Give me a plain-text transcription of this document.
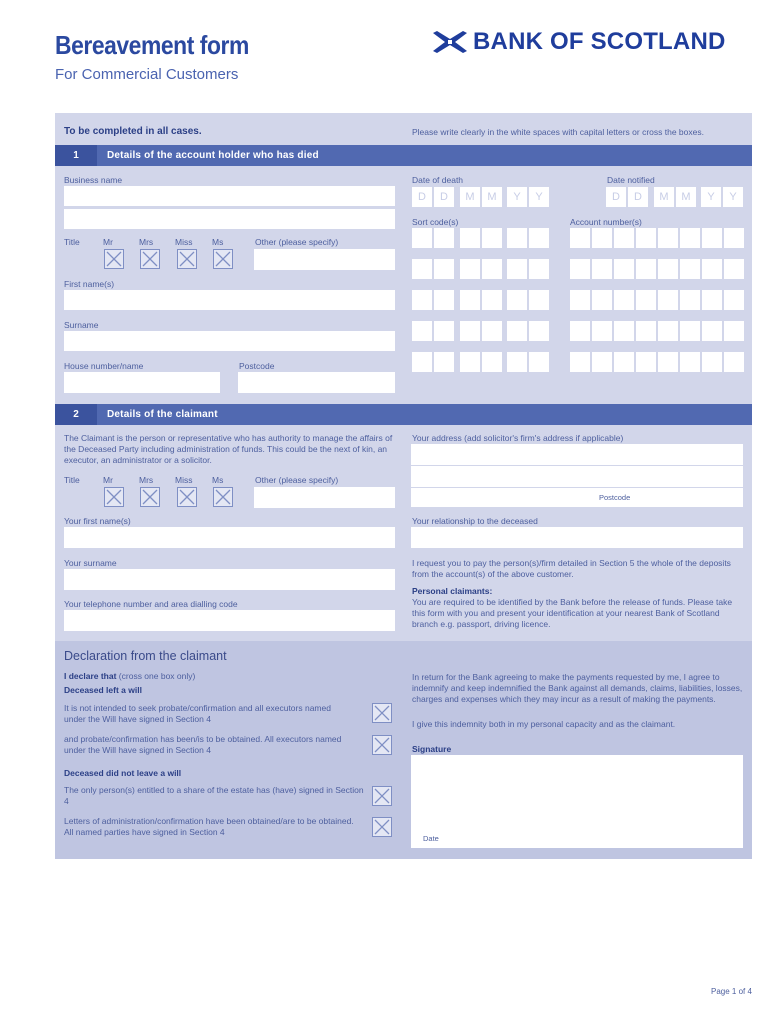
Bereavement form
For Commercial Customers
BANK OF SCOTLAND
To be completed in all cases.	Please write clearly in the white spaces with capital letters or cross the boxes.
1	Details of the account holder who has died
Business name
Title	Mr	Mrs	Miss Ms	Other (please specify)
First name(s)
Surname
House number/name	Postcode
Date of death	Date notified
D	D	M	M	Y	Y	D	D	M	M	Y	Y
Sort code(s)	Account number(s)
2	Details of the claimant
The Claimant is the person or representative who has authority to manage the affairs of the Deceased Party including administration of funds. This could be the next of kin, an executor, an administrator or a solicitor.
Title	Mr	Mrs	Miss Ms	Other (please specify)
Your first name(s)
Your surname
Your telephone number and area dialling code
Your address (add solicitor's firm's address if applicable)
Postcode
Your relationship to the deceased
I request you to pay the person(s)/firm detailed in Section 5 the whole of the deposits from the account(s) of the above customer.
Personal claimants:
You are required to be identified by the Bank before the release of funds. Please take this form with you and present your identification at your nearest Bank of Scotland branch e.g. passport, driving licence.
Declaration from the claimant
I declare that (cross one box only)
Deceased left a will
It is not intended to seek probate/confirmation and all executors named under the Will have signed in Section 4
and probate/confirmation has been/is to be obtained. All executors named under the Will have signed in Section 4
Deceased did not leave a will
The only person(s) entitled to a share of the estate has (have) signed in Section 4
Letters of administration/confirmation have been obtained/are to be obtained. All named parties have signed in Section 4
In return for the Bank agreeing to make the payments requested by me, I agree to indemnify and keep indemnified the Bank against all demands, claims, liabilities, losses, charges and expenses which they may incur as a result of making the payments.
I give this indemnity both in my personal capacity and as the claimant.
Signature
Date
Page 1 of 4
